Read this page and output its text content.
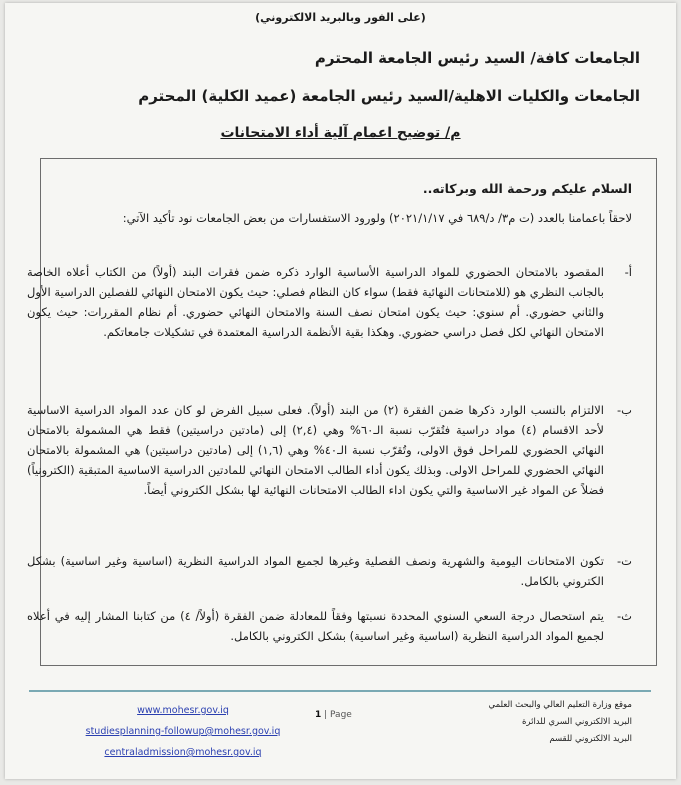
(على الفور وبالبريد الالكتروني)
الجامعات كافة/ السيد رئيس الجامعة المحترم
الجامعات والكليات الاهلية/السيد رئيس الجامعة (عميد الكلية) المحترم
م/ توضيح اعمام آلية أداء الامتحانات
السلام عليكم ورحمة الله وبركاته..
لاحقاً باعمامنا بالعدد (ت م٣/ د/٦٨٩ في ٢٠٢١/١/١٧) ولورود الاستفسارات من بعض الجامعات نود تأكيد الآتي:
أ-
المقصود بالامتحان الحضوري للمواد الدراسية الأساسية الوارد ذكره ضمن فقرات البند (أولاً) من الكتاب أعلاه الخاصة بالجانب النظري هو (للامتحانات النهائية فقط) سواء كان النظام فصلي: حيث يكون الامتحان النهائي للفصلين الدراسية الأول والثاني حضوري. أم سنوي: حيث يكون امتحان نصف السنة والامتحان النهائي حضوري. أم نظام المقررات: حيث يكون الامتحان النهائي لكل فصل دراسي حضوري. وهكذا بقية الأنظمة الدراسية المعتمدة في تشكيلات جامعاتكم.
ب-
الالتزام بالنسب الوارد ذكرها ضمن الفقرة (٢) من البند (أولاً). فعلى سبيل الفرض لو كان عدد المواد الدراسية الاساسية لأحد الاقسام (٤) مواد دراسية فتُقرّب نسبة الـ٦٠% وهي (٢,٤) إلى (مادتين دراسيتين) فقط هي المشمولة بالامتحان النهائي الحضوري للمراحل فوق الاولى، وتُقرّب نسبة الـ٤٠% وهي (١,٦) إلى (مادتين دراسيتين) هي المشمولة بالامتحان النهائي الحضوري للمراحل الاولى. وبذلك يكون أداء الطالب الامتحان النهائي للمادتين الدراسية الاساسية المتبقية (الكترونياً) فضلاً عن المواد غير الاساسية والتي يكون اداء الطالب الامتحانات النهائية لها بشكل الكتروني أيضاً.
ت-
تكون الامتحانات اليومية والشهرية ونصف الفصلية وغيرها لجميع المواد الدراسية النظرية (اساسية وغير اساسية) بشكل الكتروني بالكامل.
ث-
يتم استحصال درجة السعي السنوي المحددة نسبتها وفقاً للمعادلة ضمن الفقرة (أولاً/ ٤) من كتابنا المشار إليه في أعلاه لجميع المواد الدراسية النظرية (اساسية وغير اساسية) بشكل الكتروني بالكامل.
www.mohesr.gov.iq
studiesplanning-followup@mohesr.gov.iq
centraladmission@mohesr.gov.iq
1 | Page
موقع وزارة التعليم العالي والبحث العلمي
البريد الالكتروني السري للدائرة
البريد الالكتروني للقسم
